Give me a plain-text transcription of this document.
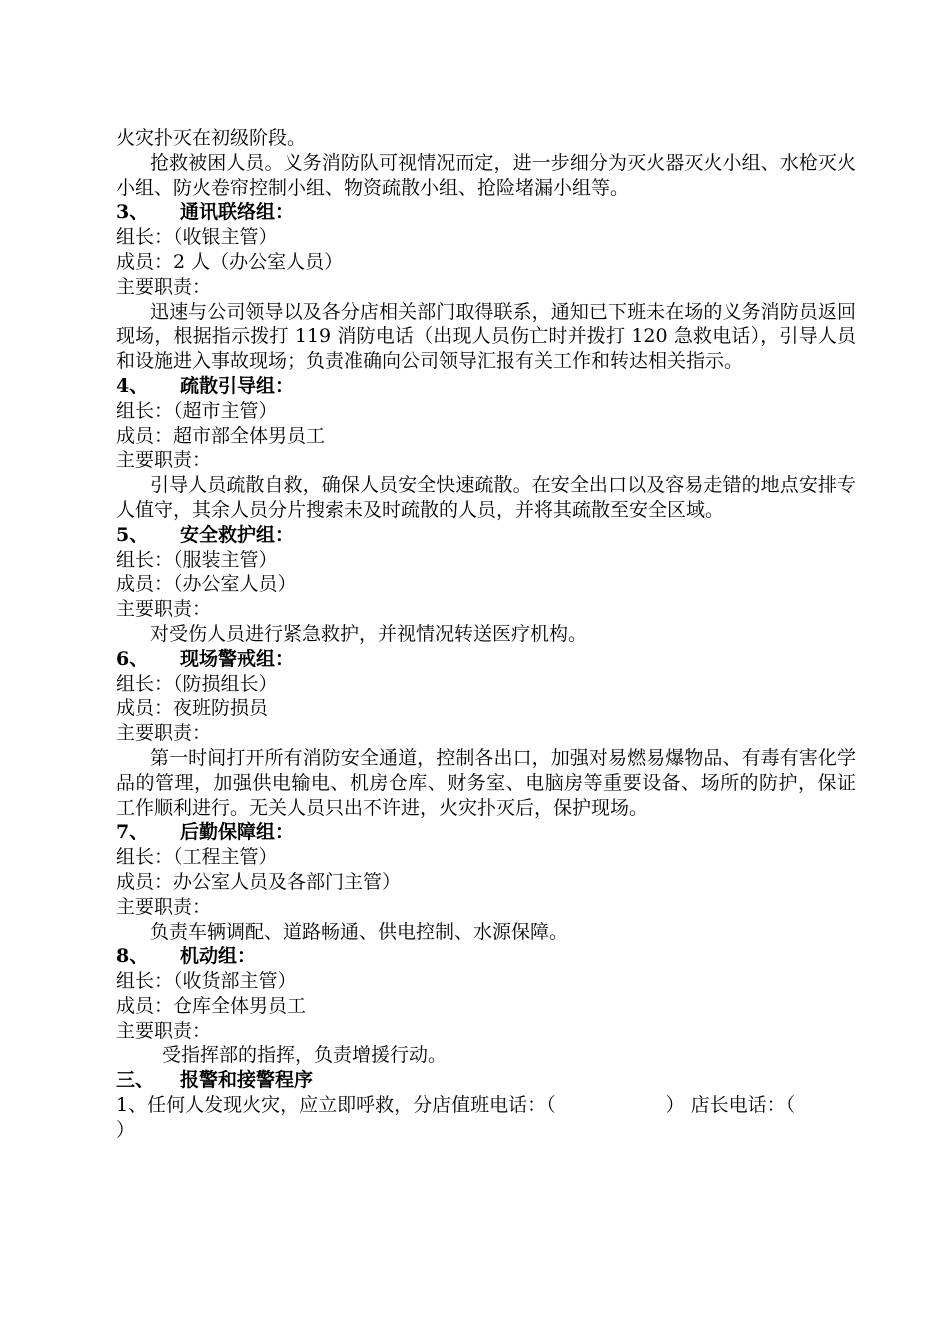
火灾扑灭在初级阶段。
抢救被困人员。义务消防队可视情况而定，进一步细分为灭火器灭火小组、水枪灭火小组、防火卷帘控制小组、物资疏散小组、抢险堵漏小组等。
3、 通讯联络组：
组长：（收银主管）
成员：2 人（办公室人员）
主要职责：
迅速与公司领导以及各分店相关部门取得联系，通知已下班未在场的义务消防员返回现场，根据指示拨打 119 消防电话（出现人员伤亡时并拨打 120 急救电话），引导人员和设施进入事故现场；负责准确向公司领导汇报有关工作和转达相关指示。
4、 疏散引导组：
组长：（超市主管）
成员：超市部全体男员工
主要职责：
引导人员疏散自救，确保人员安全快速疏散。在安全出口以及容易走错的地点安排专人值守，其余人员分片搜索未及时疏散的人员，并将其疏散至安全区域。
5、 安全救护组：
组长：（服装主管）
成员：（办公室人员）
主要职责：
对受伤人员进行紧急救护，并视情况转送医疗机构。
6、 现场警戒组：
组长：（防损组长）
成员：夜班防损员
主要职责：
第一时间打开所有消防安全通道，控制各出口，加强对易燃易爆物品、有毒有害化学品的管理，加强供电输电、机房仓库、财务室、电脑房等重要设备、场所的防护，保证工作顺利进行。无关人员只出不许进，火灾扑灭后，保护现场。
7、 后勤保障组：
组长：（工程主管）
成员：办公室人员及各部门主管）
主要职责：
负责车辆调配、道路畅通、供电控制、水源保障。
8、 机动组：
组长：（收货部主管）
成员：仓库全体男员工
主要职责：
受指挥部的指挥，负责增援行动。
三、 报警和接警程序
1、任何人发现火灾，应立即呼救，分店值班电话：（	） 店长电话：（
）
